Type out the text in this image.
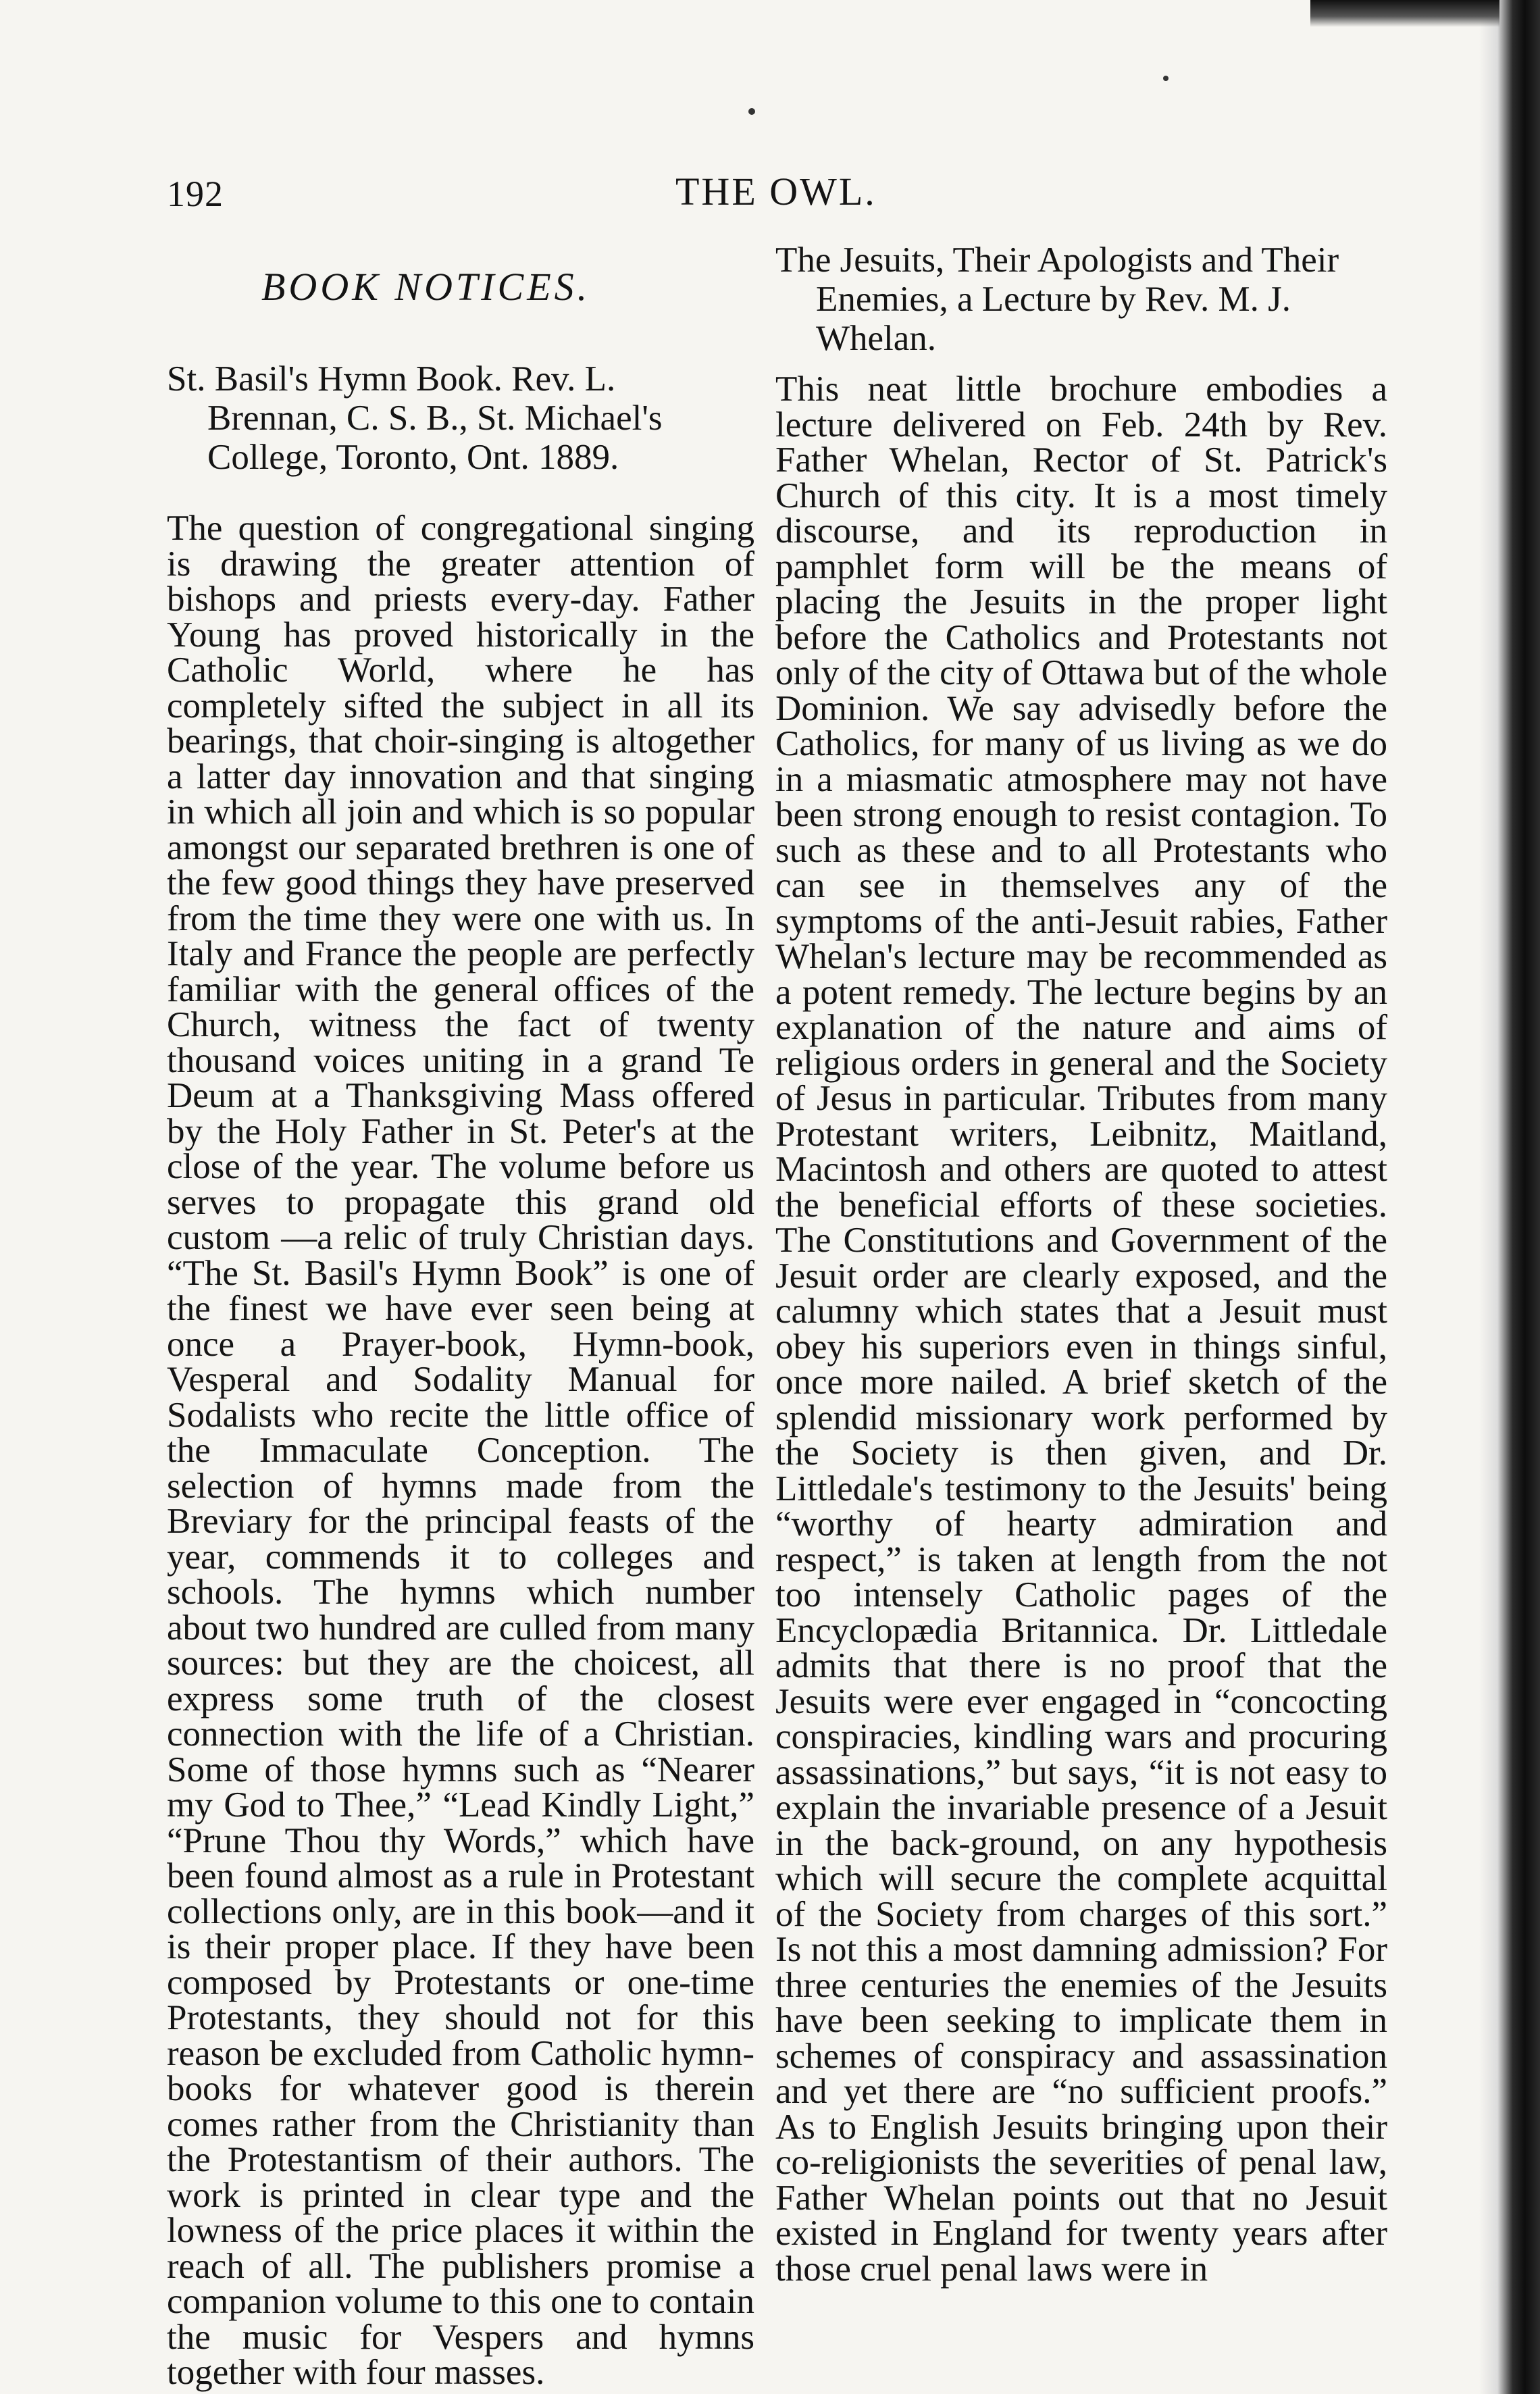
192	THE OWL.
BOOK NOTICES.

St. Basil's Hymn Book. Rev. L. Brennan, C. S. B., St. Michael's College, Toronto, Ont. 1889.

The question of congregational singing is drawing the greater attention of bishops and priests every-day. Father Young has proved historically in the Catholic World, where he has completely sifted the subject in all its bearings, that choir-singing is altogether a latter day innovation and that singing in which all join and which is so popular amongst our separated brethren is one of the few good things they have preserved from the time they were one with us. In Italy and France the people are perfectly familiar with the general offices of the Church, witness the fact of twenty thousand voices uniting in a grand Te Deum at a Thanksgiving Mass offered by the Holy Father in St. Peter's at the close of the year. The volume before us serves to propagate this grand old custom —a relic of truly Christian days. “The St. Basil's Hymn Book” is one of the finest we have ever seen being at once a Prayer-book, Hymn-book, Vesperal and Sodality Manual for Sodalists who recite the little office of the Immaculate Conception. The selection of hymns made from the Breviary for the principal feasts of the year, commends it to colleges and schools. The hymns which number about two hundred are culled from many sources: but they are the choicest, all express some truth of the closest connection with the life of a Christian. Some of those hymns such as “Nearer my God to Thee,” “Lead Kindly Light,” “Prune Thou thy Words,” which have been found almost as a rule in Protestant collections only, are in this book—and it is their proper place. If they have been composed by Protestants or one-time Protestants, they should not for this reason be excluded from Catholic hymn-books for whatever good is therein comes rather from the Christianity than the Protestantism of their authors. The work is printed in clear type and the lowness of the price places it within the reach of all. The publishers promise a companion volume to this one to contain the music for Vespers and hymns together with four masses.

The Jesuits, Their Apologists and Their Enemies, a Lecture by Rev. M. J. Whelan.

This neat little brochure embodies a lecture delivered on Feb. 24th by Rev. Father Whelan, Rector of St. Patrick's Church of this city. It is a most timely discourse, and its reproduction in pamphlet form will be the means of placing the Jesuits in the proper light before the Catholics and Protestants not only of the city of Ottawa but of the whole Dominion. We say advisedly before the Catholics, for many of us living as we do in a miasmatic atmosphere may not have been strong enough to resist contagion. To such as these and to all Protestants who can see in themselves any of the symptoms of the anti-Jesuit rabies, Father Whelan's lecture may be recommended as a potent remedy. The lecture begins by an explanation of the nature and aims of religious orders in general and the Society of Jesus in particular. Tributes from many Protestant writers, Leibnitz, Maitland, Macintosh and others are quoted to attest the beneficial efforts of these societies. The Constitutions and Government of the Jesuit order are clearly exposed, and the calumny which states that a Jesuit must obey his superiors even in things sinful, once more nailed. A brief sketch of the splendid missionary work performed by the Society is then given, and Dr. Littledale's testimony to the Jesuits' being “worthy of hearty admiration and respect,” is taken at length from the not too intensely Catholic pages of the Encyclopædia Britannica. Dr. Littledale admits that there is no proof that the Jesuits were ever engaged in “concocting conspiracies, kindling wars and procuring assassinations,” but says, “it is not easy to explain the invariable presence of a Jesuit in the back-ground, on any hypothesis which will secure the complete acquittal of the Society from charges of this sort.” Is not this a most damning admission? For three centuries the enemies of the Jesuits have been seeking to implicate them in schemes of conspiracy and assassination and yet there are “no sufficient proofs.” As to English Jesuits bringing upon their co-religionists the severities of penal law, Father Whelan points out that no Jesuit existed in England for twenty years after those cruel penal laws were in
